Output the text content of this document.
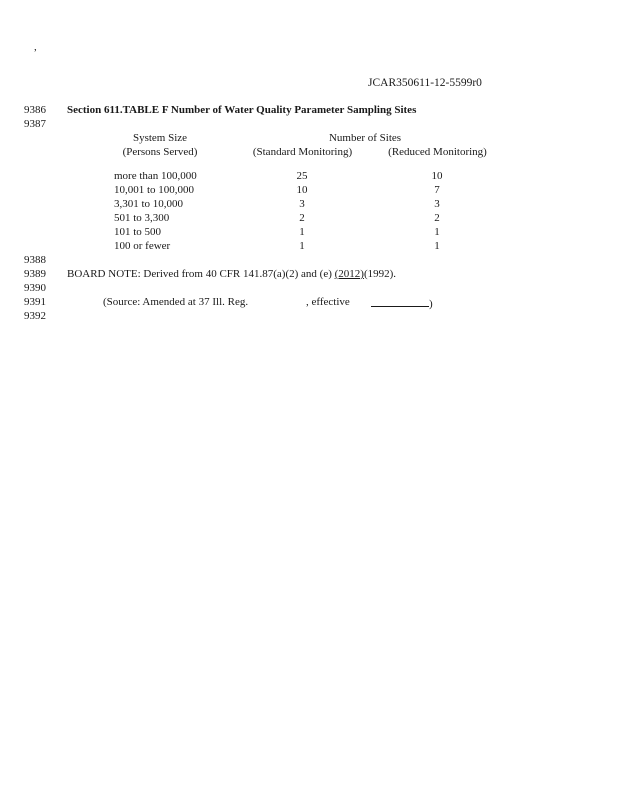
,
JCAR350611-12-5599r0
9386
9387
9388
9389
9390
9391
9392
Section 611.TABLE F Number of Water Quality Parameter Sampling Sites
System Size
(Persons Served)
Number of Sites
(Standard Monitoring)	(Reduced Monitoring)
more than 100,000	25	10
10,001 to 100,000	10	7
3,301 to 10,000	3	3
501 to 3,300	2	2
101 to 500	1	1
100 or fewer	1	1
BOARD NOTE: Derived from 40 CFR 141.87(a)(2) and (e) (2012)(1992).
(Source: Amended at 37 Ill. Reg.	, effective	)
